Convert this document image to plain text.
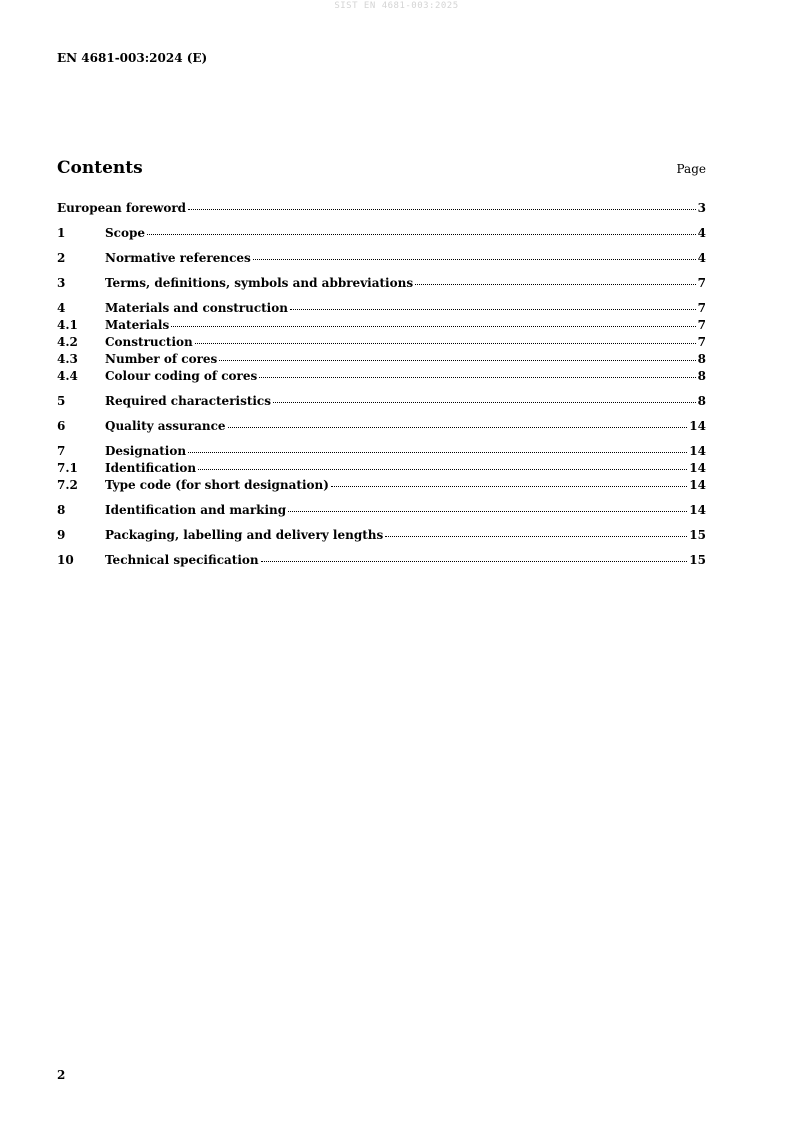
SIST EN 4681-003:2025
EN 4681-003:2024 (E)
Contents	Page
European foreword	3
1	Scope	4
2	Normative references	4
3	Terms, definitions, symbols and abbreviations	7
4	Materials and construction	7
4.1	Materials	7
4.2	Construction	7
4.3	Number of cores	8
4.4	Colour coding of cores	8
5	Required characteristics	8
6	Quality assurance	14
7	Designation	14
7.1	Identification	14
7.2	Type code (for short designation)	14
8	Identification and marking	14
9	Packaging, labelling and delivery lengths	15
10	Technical specification	15
2
